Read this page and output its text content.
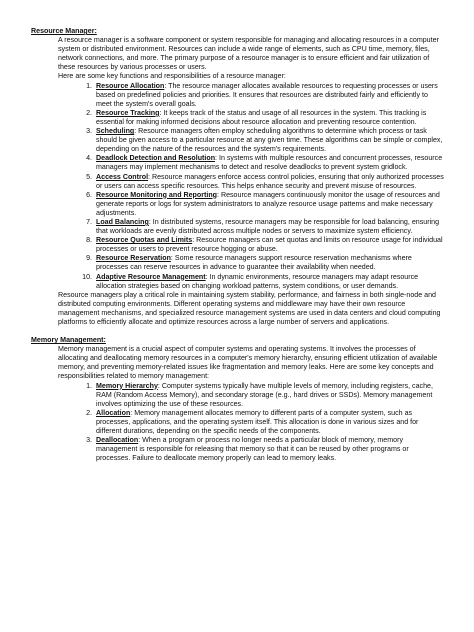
Resource Manager:

A resource manager is a software component or system responsible for managing and allocating resources in a computer system or distributed environment. Resources can include a wide range of elements, such as CPU time, memory, files, network connections, and more. The primary purpose of a resource manager is to ensure efficient and fair utilization of these resources by various processes or users.

Here are some key functions and responsibilities of a resource manager:

1. Resource Allocation: The resource manager allocates available resources to requesting processes or users based on predefined policies and priorities. It ensures that resources are distributed fairly and efficiently to meet the system's overall goals.
2. Resource Tracking: It keeps track of the status and usage of all resources in the system. This tracking is essential for making informed decisions about resource allocation and preventing resource contention.
3. Scheduling: Resource managers often employ scheduling algorithms to determine which process or task should be given access to a particular resource at any given time. These algorithms can be simple or complex, depending on the nature of the resources and the system's requirements.
4. Deadlock Detection and Resolution: In systems with multiple resources and concurrent processes, resource managers may implement mechanisms to detect and resolve deadlocks to prevent system gridlock.
5. Access Control: Resource managers enforce access control policies, ensuring that only authorized processes or users can access specific resources. This helps enhance security and prevent misuse of resources.
6. Resource Monitoring and Reporting: Resource managers continuously monitor the usage of resources and generate reports or logs for system administrators to analyze resource usage patterns and make necessary adjustments.
7. Load Balancing: In distributed systems, resource managers may be responsible for load balancing, ensuring that workloads are evenly distributed across multiple nodes or servers to maximize system efficiency.
8. Resource Quotas and Limits: Resource managers can set quotas and limits on resource usage for individual processes or users to prevent resource hogging or abuse.
9. Resource Reservation: Some resource managers support resource reservation mechanisms where processes can reserve resources in advance to guarantee their availability when needed.
10. Adaptive Resource Management: In dynamic environments, resource managers may adapt resource allocation strategies based on changing workload patterns, system conditions, or user demands.

Resource managers play a critical role in maintaining system stability, performance, and fairness in both single-node and distributed computing environments. Different operating systems and middleware may have their own resource management mechanisms, and specialized resource management systems are used in data centers and cloud computing platforms to efficiently allocate and optimize resources across a large number of servers and applications.

Memory Management:

Memory management is a crucial aspect of computer systems and operating systems. It involves the processes of allocating and deallocating memory resources in a computer's memory hierarchy, ensuring efficient utilization of available memory, and preventing memory-related issues like fragmentation and memory leaks. Here are some key concepts and responsibilities related to memory management:

1. Memory Hierarchy: Computer systems typically have multiple levels of memory, including registers, cache, RAM (Random Access Memory), and secondary storage (e.g., hard drives or SSDs). Memory management involves optimizing the use of these resources.
2. Allocation: Memory management allocates memory to different parts of a computer system, such as processes, applications, and the operating system itself. This allocation is done in various sizes and for different durations, depending on the specific needs of the components.
3. Deallocation: When a program or process no longer needs a particular block of memory, memory management is responsible for releasing that memory so that it can be reused by other programs or processes. Failure to deallocate memory properly can lead to memory leaks.
